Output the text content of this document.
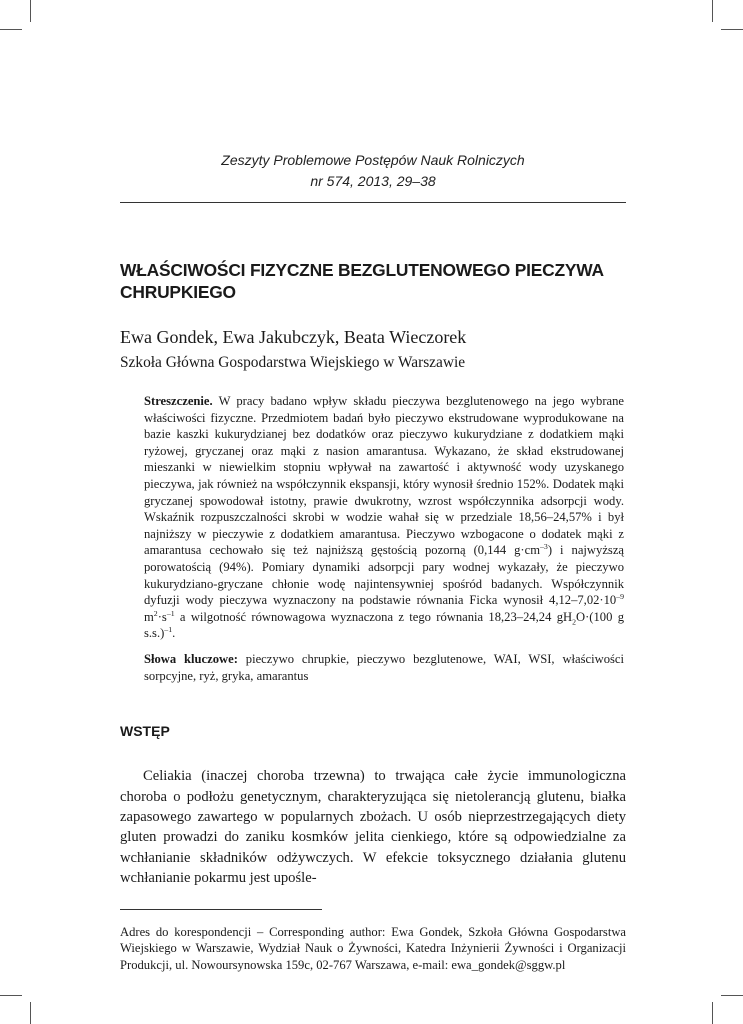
Zeszyty Problemowe Postępów Nauk Rolniczych
nr 574, 2013, 29–38
WŁAŚCIWOŚCI FIZYCZNE BEZGLUTENOWEGO PIECZYWA CHRUPKIEGO
Ewa Gondek, Ewa Jakubczyk, Beata Wieczorek
Szkoła Główna Gospodarstwa Wiejskiego w Warszawie

Streszczenie. W pracy badano wpływ składu pieczywa bezglutenowego na jego wybrane właściwości fizyczne. Przedmiotem badań było pieczywo ekstrudowane wyprodukowane na bazie kaszki kukurydzianej bez dodatków oraz pieczywo kukurydziane z dodatkiem mąki ryżowej, gryczanej oraz mąki z nasion amarantusa. Wykazano, że skład ekstrudowanej mieszanki w niewielkim stopniu wpływał na zawartość i aktywność wody uzyskanego pieczywa, jak również na współczynnik ekspansji, który wynosił średnio 152%. Dodatek mąki gryczanej spowodował istotny, prawie dwukrotny, wzrost współczynnika adsorpcji wody. Wskaźnik rozpuszczalności skrobi w wodzie wahał się w przedziale 18,56–24,57% i był najniższy w pieczywie z dodatkiem amarantusa. Pieczywo wzbogacone o dodatek mąki z amarantusa cechowało się też najniższą gęstością pozorną (0,144 $g\cdot cm^{-3}$) i najwyższą porowatością (94%). Pomiary dynamiki adsorpcji pary wodnej wykazały, że pieczywo kukurydziano-gryczane chłonie wodę najintensywniej spośród badanych. Współczynnik dyfuzji wody pieczywa wyznaczony na podstawie równania Ficka wynosił $4,12-7,02\cdot 10^{-9}$ $m^2\cdot s^{-1}$ a wilgotność równowagowa wyznaczona z tego równania 18,23–24,24 $gH_2O\cdot(100$ g s.s.)$^{-1}$.

Słowa kluczowe: pieczywo chrupkie, pieczywo bezglutenowe, WAI, WSI, właściwości sorpcyjne, ryż, gryka, amarantus

WSTĘP
Celiakia (inaczej choroba trzewna) to trwająca całe życie immunologiczna choroba o podłożu genetycznym, charakteryzująca się nietolerancją glutenu, białka zapasowego zawartego w popularnych zbożach. U osób nieprzestrzegających diety gluten prowadzi do zaniku kosmków jelita cienkiego, które są odpowiedzialne za wchłanianie składników odżywczych. W efekcie toksycznego działania glutenu wchłanianie pokarmu jest upośle-
Adres do korespondencji – Corresponding author: Ewa Gondek, Szkoła Główna Gospodarstwa Wiejskiego w Warszawie, Wydział Nauk o Żywności, Katedra Inżynierii Żywności i Organizacji Produkcji, ul. Nowoursynowska 159c, 02-767 Warszawa, e-mail: ewa_gondek@sggw.pl
